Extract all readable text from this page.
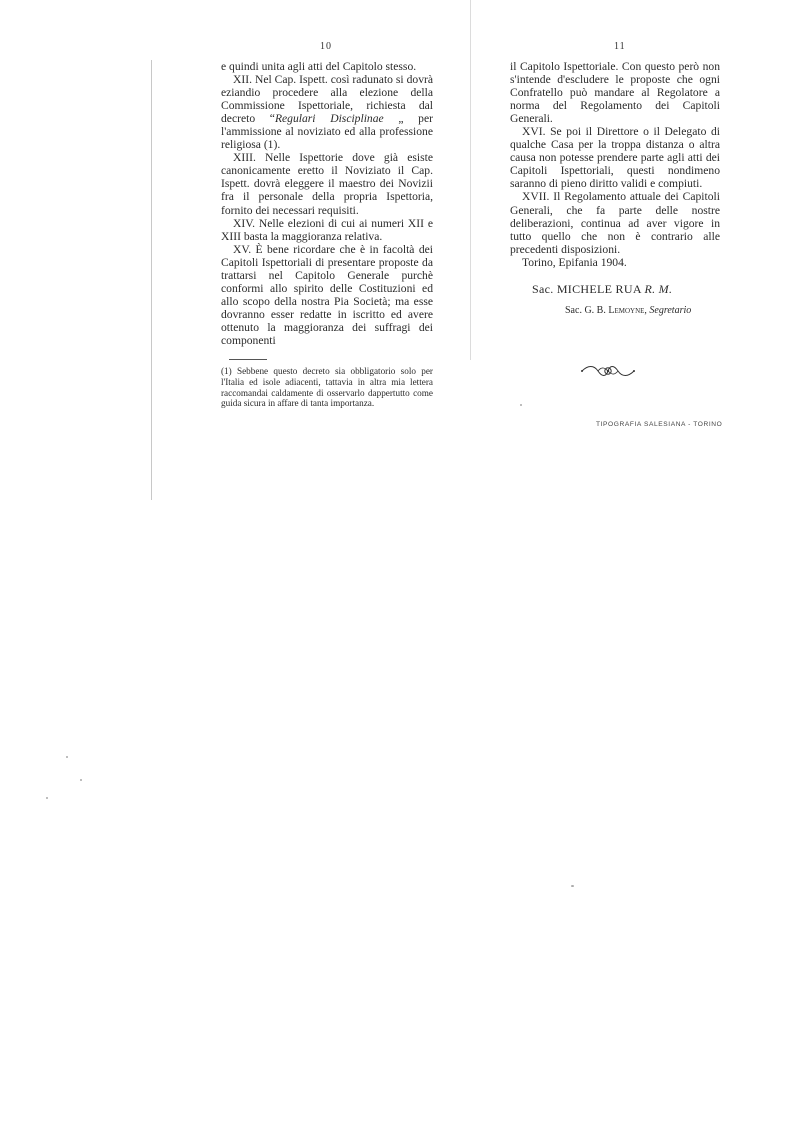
10	11

e quindi unita agli atti del Capitolo stesso.

XII. Nel Cap. Ispett. così radunato si dovrà eziandio procedere alla elezione della Commissione Ispettoriale, richiesta dal decreto “Regulari Disciplinae „ per l'ammissione al noviziato ed alla professione religiosa (1).

XIII. Nelle Ispettorie dove già esiste canonicamente eretto il Noviziato il Cap. Ispett. dovrà eleggere il maestro dei Novizii fra il personale della propria Ispettoria, fornito dei necessari requisiti.

XIV. Nelle elezioni di cui ai numeri XII e XIII basta la maggioranza relativa.

XV. È bene ricordare che è in facoltà dei Capitoli Ispettoriali di presentare proposte da trattarsi nel Capitolo Generale purchè conformi allo spirito delle Costituzioni ed allo scopo della nostra Pia Società; ma esse dovranno esser redatte in iscritto ed avere ottenuto la maggioranza dei suffragi dei componenti

(1) Sebbene questo decreto sia obbligatorio solo per l'Italia ed isole adiacenti, tattavia in altra mia lettera raccomandai caldamente di osservarlo dappertutto come guida sicura in affare di tanta importanza.

il Capitolo Ispettoriale. Con questo però non s'intende d'escludere le proposte che ogni Confratello può mandare al Regolatore a norma del Regolamento dei Capitoli Generali.

XVI. Se poi il Direttore o il Delegato di qualche Casa per la troppa distanza o altra causa non potesse prendere parte agli atti dei Capitoli Ispettoriali, questi nondimeno saranno di pieno diritto validi e compiuti.

XVII. Il Regolamento attuale dei Capitoli Generali, che fa parte delle nostre deliberazioni, continua ad aver vigore in tutto quello che non è contrario alle precedenti disposizioni.

Torino, Epifania 1904.

Sac. MICHELE RUA R. M.
Sac. G. B. Lemoyne, Segretario
TIPOGRAFIA SALESIANA - TORINO
